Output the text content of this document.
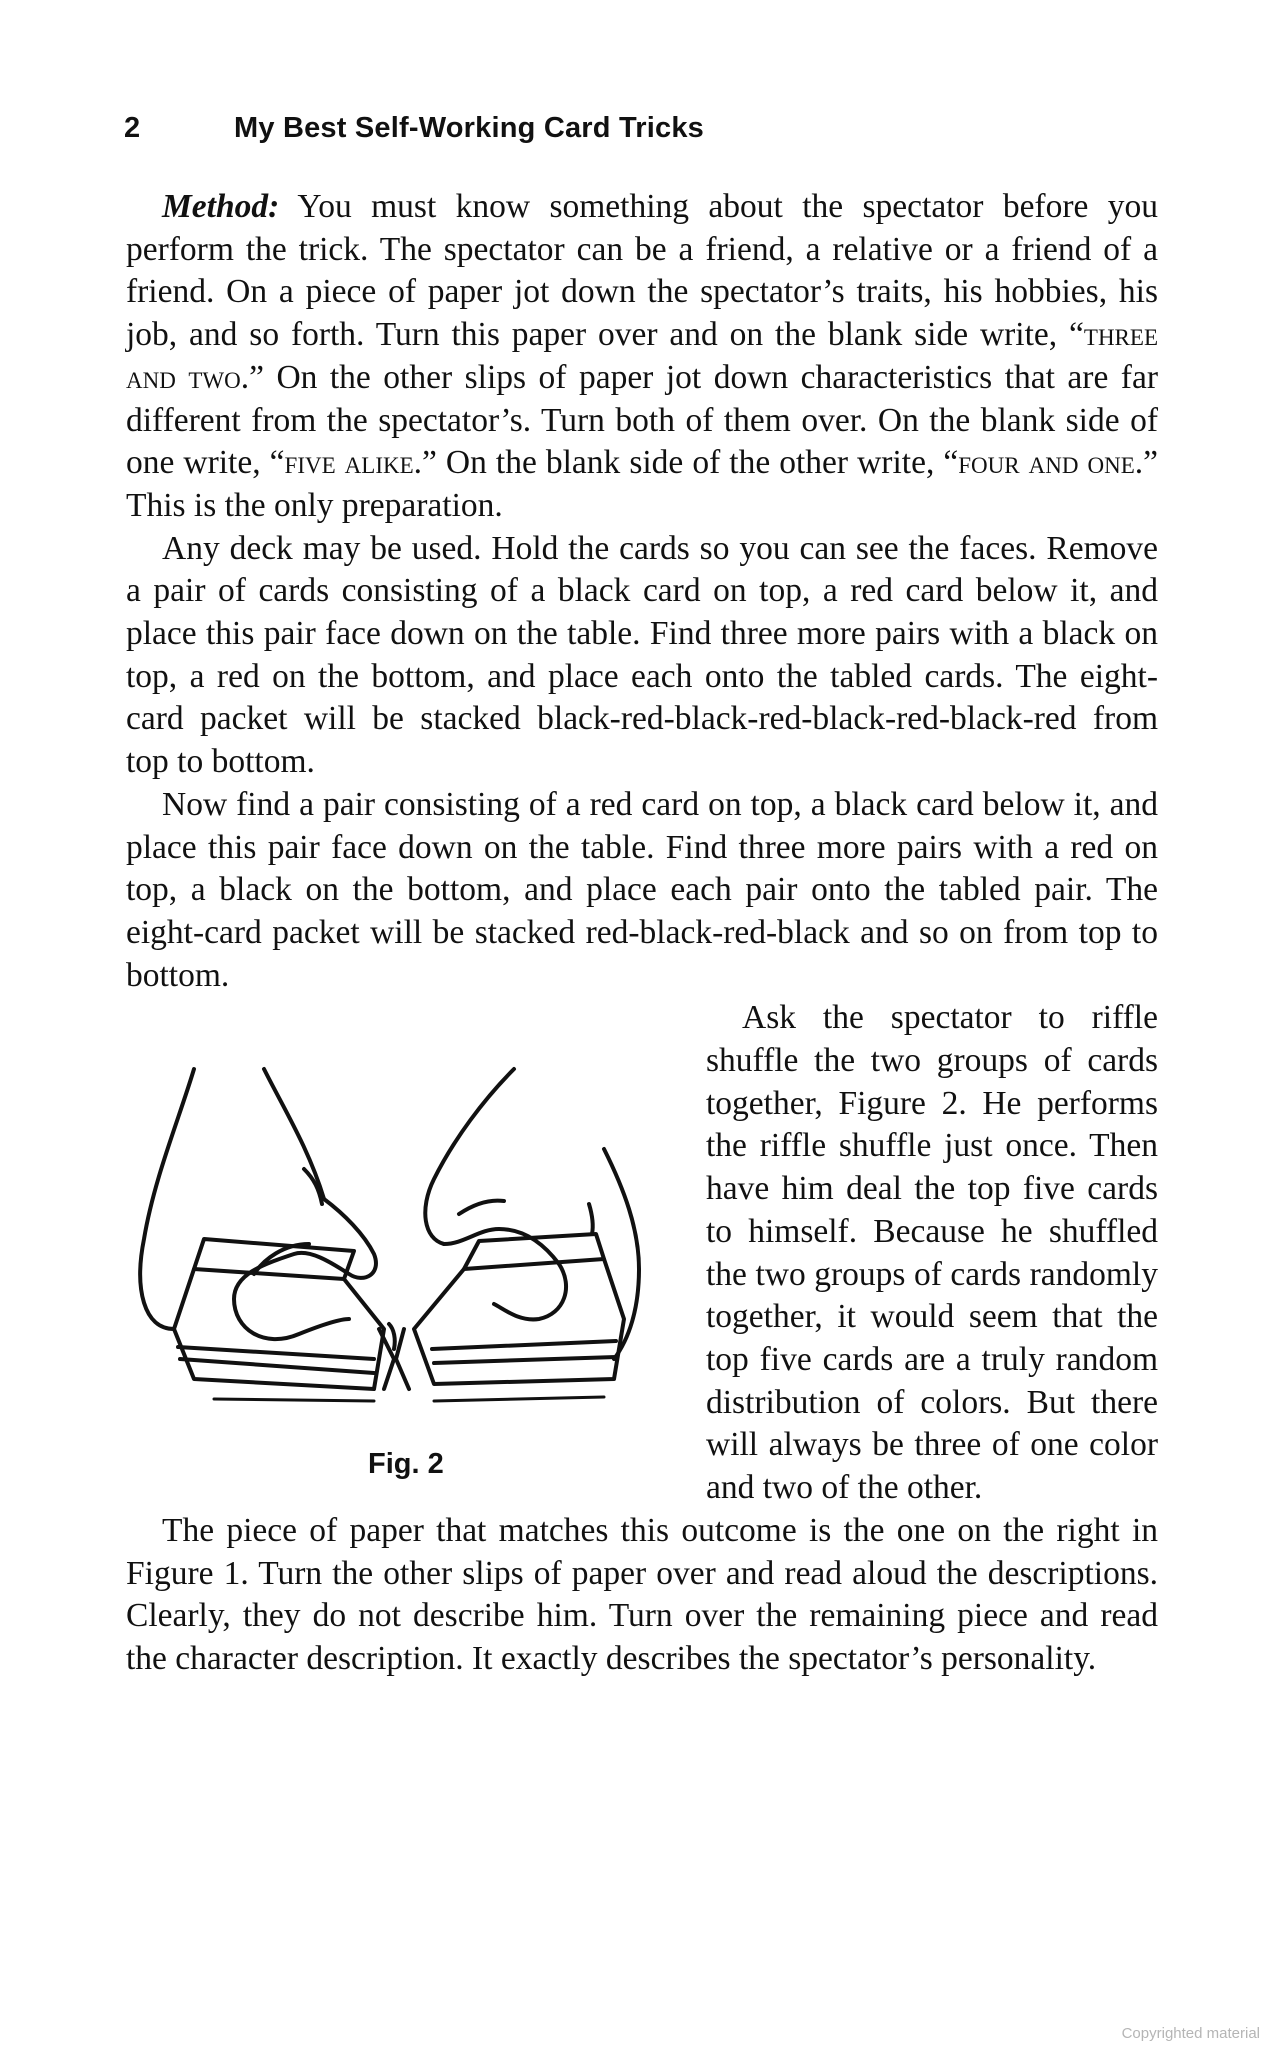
2	My Best Self-Working Card Tricks

Method: You must know something about the spectator before you perform the trick. The spectator can be a friend, a relative or a friend of a friend. On a piece of paper jot down the spectator’s traits, his hobbies, his job, and so forth. Turn this paper over and on the blank side write, “three and two.” On the other slips of paper jot down characteristics that are far different from the spectator’s. Turn both of them over. On the blank side of one write, “five alike.” On the blank side of the other write, “four and one.” This is the only preparation.

Any deck may be used. Hold the cards so you can see the faces. Remove a pair of cards consisting of a black card on top, a red card below it, and place this pair face down on the table. Find three more pairs with a black on top, a red on the bottom, and place each onto the tabled cards. The eight-card packet will be stacked black-red-black-red-black-red-black-red from top to bottom.

Now find a pair consisting of a red card on top, a black card below it, and place this pair face down on the table. Find three more pairs with a red on top, a black on the bottom, and place each pair onto the tabled pair. The eight-card packet will be stacked red-black-red-black and so on from top to bottom.

Fig. 2

Ask the spectator to riffle shuffle the two groups of cards together, Figure 2. He performs the riffle shuffle just once. Then have him deal the top five cards to himself. Because he shuffled the two groups of cards randomly together, it would seem that the top five cards are a truly random distribution of colors. But there will always be three of one color and two of the other.

The piece of paper that matches this outcome is the one on the right in Figure 1. Turn the other slips of paper over and read aloud the descriptions. Clearly, they do not describe him. Turn over the remaining piece and read the character description. It exactly describes the spectator’s personality.

Copyrighted material
